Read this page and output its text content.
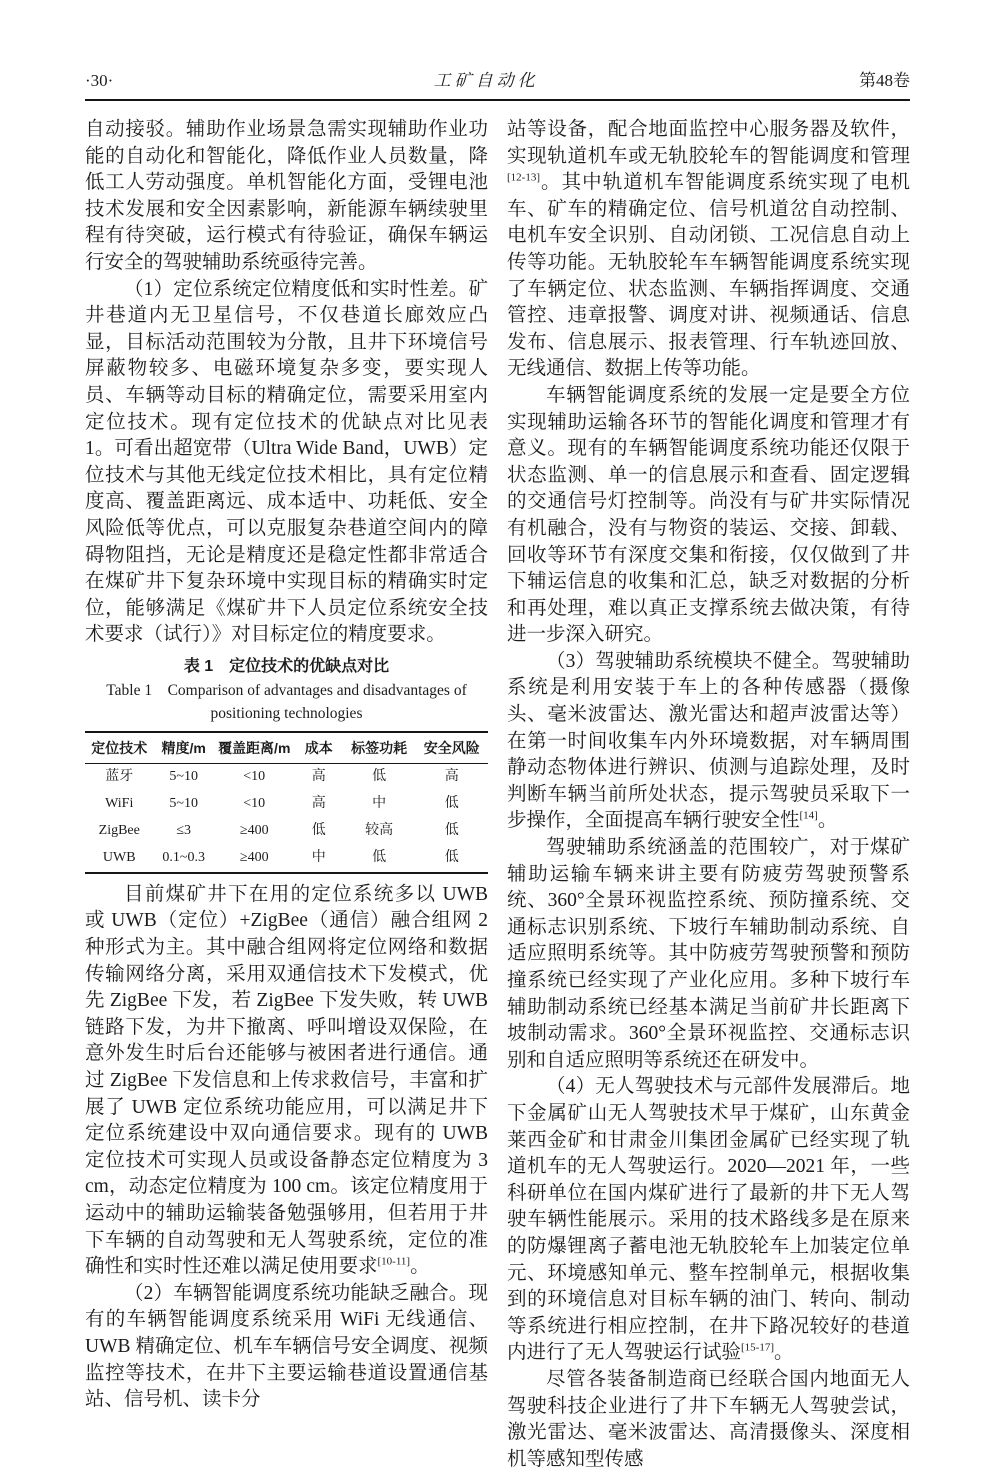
·30·	工矿自动化	第48卷

自动接驳。辅助作业场景急需实现辅助作业功能的自动化和智能化，降低作业人员数量，降低工人劳动强度。单机智能化方面，受锂电池技术发展和安全因素影响，新能源车辆续驶里程有待突破，运行模式有待验证，确保车辆运行安全的驾驶辅助系统亟待完善。

（1）定位系统定位精度低和实时性差。矿井巷道内无卫星信号，不仅巷道长廊效应凸显，目标活动范围较为分散，且井下环境信号屏蔽物较多、电磁环境复杂多变，要实现人员、车辆等动目标的精确定位，需要采用室内定位技术。现有定位技术的优缺点对比见表 1。可看出超宽带（Ultra Wide Band，UWB）定位技术与其他无线定位技术相比，具有定位精度高、覆盖距离远、成本适中、功耗低、安全风险低等优点，可以克服复杂巷道空间内的障碍物阻挡，无论是精度还是稳定性都非常适合在煤矿井下复杂环境中实现目标的精确实时定位，能够满足《煤矿井下人员定位系统安全技术要求（试行）》对目标定位的精度要求。

表 1　定位技术的优缺点对比
Table 1　Comparison of advantages and disadvantages of
positioning technologies
定位技术	精度/m	覆盖距离/m	成本	标签功耗	安全风险
蓝牙	5~10	<10	高	低	高
WiFi	5~10	<10	高	中	低
ZigBee	≤3	≥400	低	较高	低
UWB	0.1~0.3	≥400	中	低	低

目前煤矿井下在用的定位系统多以 UWB 或 UWB（定位）+ZigBee（通信）融合组网 2 种形式为主。其中融合组网将定位网络和数据传输网络分离，采用双通信技术下发模式，优先 ZigBee 下发，若 ZigBee 下发失败，转 UWB 链路下发，为井下撤离、呼叫增设双保险，在意外发生时后台还能够与被困者进行通信。通过 ZigBee 下发信息和上传求救信号，丰富和扩展了 UWB 定位系统功能应用，可以满足井下定位系统建设中双向通信要求。现有的 UWB 定位技术可实现人员或设备静态定位精度为 3 cm，动态定位精度为 100 cm。该定位精度用于运动中的辅助运输装备勉强够用，但若用于井下车辆的自动驾驶和无人驾驶系统，定位的准确性和实时性还难以满足使用要求[10-11]。

（2）车辆智能调度系统功能缺乏融合。现有的车辆智能调度系统采用 WiFi 无线通信、UWB 精确定位、机车车辆信号安全调度、视频监控等技术，在井下主要运输巷道设置通信基站、信号机、读卡分

站等设备，配合地面监控中心服务器及软件，实现轨道机车或无轨胶轮车的智能调度和管理[12-13]。其中轨道机车智能调度系统实现了电机车、矿车的精确定位、信号机道岔自动控制、电机车安全识别、自动闭锁、工况信息自动上传等功能。无轨胶轮车车辆智能调度系统实现了车辆定位、状态监测、车辆指挥调度、交通管控、违章报警、调度对讲、视频通话、信息发布、信息展示、报表管理、行车轨迹回放、无线通信、数据上传等功能。

车辆智能调度系统的发展一定是要全方位实现辅助运输各环节的智能化调度和管理才有意义。现有的车辆智能调度系统功能还仅限于状态监测、单一的信息展示和查看、固定逻辑的交通信号灯控制等。尚没有与矿井实际情况有机融合，没有与物资的装运、交接、卸载、回收等环节有深度交集和衔接，仅仅做到了井下辅运信息的收集和汇总，缺乏对数据的分析和再处理，难以真正支撑系统去做决策，有待进一步深入研究。

（3）驾驶辅助系统模块不健全。驾驶辅助系统是利用安装于车上的各种传感器（摄像头、毫米波雷达、激光雷达和超声波雷达等）在第一时间收集车内外环境数据，对车辆周围静动态物体进行辨识、侦测与追踪处理，及时判断车辆当前所处状态，提示驾驶员采取下一步操作，全面提高车辆行驶安全性[14]。

驾驶辅助系统涵盖的范围较广，对于煤矿辅助运输车辆来讲主要有防疲劳驾驶预警系统、360°全景环视监控系统、预防撞系统、交通标志识别系统、下坡行车辅助制动系统、自适应照明系统等。其中防疲劳驾驶预警和预防撞系统已经实现了产业化应用。多种下坡行车辅助制动系统已经基本满足当前矿井长距离下坡制动需求。360°全景环视监控、交通标志识别和自适应照明等系统还在研发中。

（4）无人驾驶技术与元部件发展滞后。地下金属矿山无人驾驶技术早于煤矿，山东黄金莱西金矿和甘肃金川集团金属矿已经实现了轨道机车的无人驾驶运行。2020—2021 年，一些科研单位在国内煤矿进行了最新的井下无人驾驶车辆性能展示。采用的技术路线多是在原来的防爆锂离子蓄电池无轨胶轮车上加装定位单元、环境感知单元、整车控制单元，根据收集到的环境信息对目标车辆的油门、转向、制动等系统进行相应控制，在井下路况较好的巷道内进行了无人驾驶运行试验[15-17]。

尽管各装备制造商已经联合国内地面无人驾驶科技企业进行了井下车辆无人驾驶尝试，激光雷达、毫米波雷达、高清摄像头、深度相机等感知型传感
